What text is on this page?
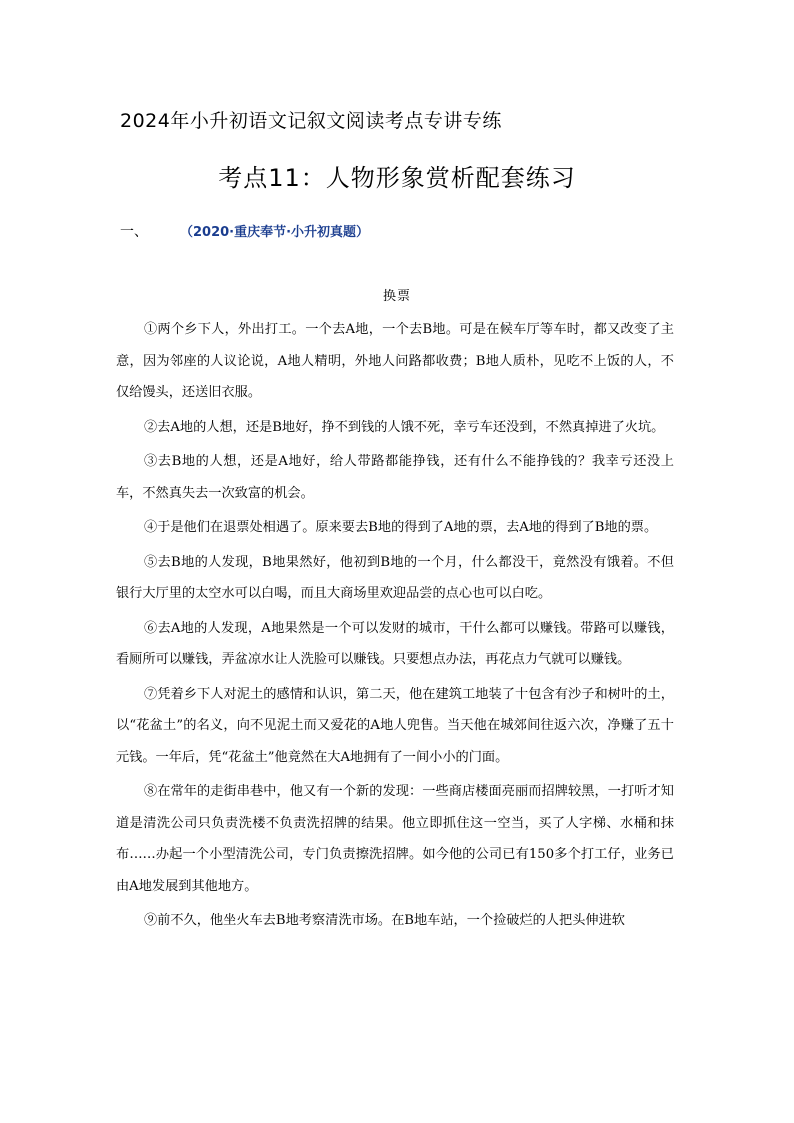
2024年小升初语文记叙文阅读考点专讲专练
考点11：人物形象赏析配套练习
一、 （2020·重庆奉节·小升初真题）
换票

①两个乡下人，外出打工。一个去A地，一个去B地。可是在候车厅等车时，都又改变了主意，因为邻座的人议论说，A地人精明，外地人问路都收费；B地人质朴，见吃不上饭的人，不仅给馒头，还送旧衣服。

②去A地的人想，还是B地好，挣不到钱的人饿不死，幸亏车还没到，不然真掉进了火坑。

③去B地的人想，还是A地好，给人带路都能挣钱，还有什么不能挣钱的？我幸亏还没上车，不然真失去一次致富的机会。

④于是他们在退票处相遇了。原来要去B地的得到了A地的票，去A地的得到了B地的票。

⑤去B地的人发现，B地果然好，他初到B地的一个月，什么都没干，竟然没有饿着。不但银行大厅里的太空水可以白喝，而且大商场里欢迎品尝的点心也可以白吃。

⑥去A地的人发现，A地果然是一个可以发财的城市，干什么都可以赚钱。带路可以赚钱，看厕所可以赚钱，弄盆凉水让人洗脸可以赚钱。只要想点办法，再花点力气就可以赚钱。

⑦凭着乡下人对泥土的感情和认识，第二天，他在建筑工地装了十包含有沙子和树叶的土，以“花盆土”的名义，向不见泥土而又爱花的A地人兜售。当天他在城郊间往返六次，净赚了五十元钱。一年后，凭“花盆土”他竟然在大A地拥有了一间小小的门面。

⑧在常年的走街串巷中，他又有一个新的发现：一些商店楼面亮丽而招牌较黑，一打听才知道是清洗公司只负责洗楼不负责洗招牌的结果。他立即抓住这一空当，买了人字梯、水桶和抹布……办起一个小型清洗公司，专门负责擦洗招牌。如今他的公司已有150多个打工仔，业务已由A地发展到其他地方。

⑨前不久，他坐火车去B地考察清洗市场。在B地车站，一个捡破烂的人把头伸进软
